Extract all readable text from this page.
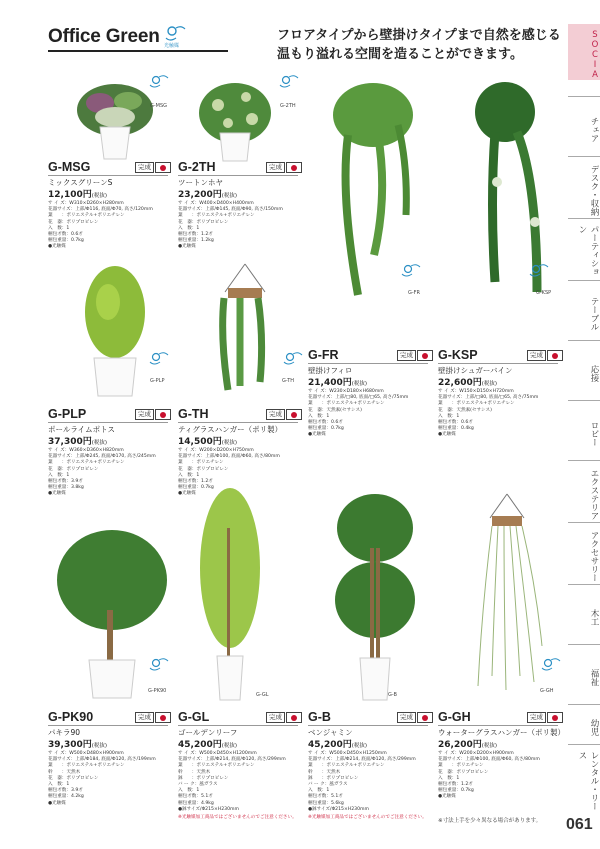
Office Green 光触媒
フロアタイプから壁掛けタイプまで自然を感じる温もり溢れる空間を造ることができます。	SOCIA
チェア
デスク・収納
パーティション
テーブル
応接
ロビー
エクステリア
アクセサリー
木工
福祉
幼児
レンタル・リース
G-MSG	G-2TH
G-FR	G-KSP
G-PLP	G-TH
G-PK90
G-GL	G-B
G-GH
G-MSG	完成
ミックスグリーンS
12,100円(税抜)
サ イ ズ：W310×D260×H280mm
花器サイズ：上部/Φ116, 底面/Φ70, 高さ/120mm
葉　　：ポリエステル+ポリエチレン
花　器：ポリプロピレン
入　数：1
梱包才数：0.6才
梱包重量：0.7kg
●光触媒
G-2TH	完成
ツートンホヤ
23,200円(税抜)
サ イ ズ：W400×D400×H400mm
花器サイズ：上部/Φ145, 底面/Φ90, 高さ/150mm
葉　　：ポリエステル+ポリエチレン
花　器：ポリプロピレン
入　数：1
梱包才数：1.2才
梱包重量：1.2kg
●光触媒
G-FR	完成
壁掛けフィロ
21,400円(税抜)
サ イ ズ：W230×D180×H680mm
花器サイズ：上部/□80, 底面/□65, 高さ/75mm
葉　　：ポリエステル+ポリエチレン
花　器：天然素(セサシス)
入　数：1
梱包才数：0.6才
梱包重量：0.7kg
●光触媒
G-KSP	完成
壁掛けシュガーバイン
22,600円(税抜)
サ イ ズ：W150×D150×H720mm
花器サイズ：上部/□80, 底面/□65, 高さ/75mm
葉　　：ポリエステル+ポリエチレン
花　器：天然素(セサシス)
入　数：1
梱包才数：0.6才
梱包重量：0.4kg
●光触媒
G-PLP	完成
ポールライムポトス
37,300円(税抜)
サ イ ズ：W360×D360×H820mm
花器サイズ：上部/Φ245, 底面/Φ170, 高さ/245mm
葉　　：ポリエステル+ポリエチレン
花　器：ポリプロピレン
入　数：1
梱包才数：3.9才
梱包重量：3.8kg
●光触媒
G-TH	完成
ティグラスハンガー（ポリ製）
14,500円(税抜)
サ イ ズ：W200×D200×H750mm
花器サイズ：上部/Φ100, 底面/Φ60, 高さ/80mm
葉　　：ポリエチレン
花　器：ポリプロピレン
入　数：1
梱包才数：1.2才
梱包重量：0.7kg
●光触媒
G-PK90	完成
パキラ90
39,300円(税抜)
サ イ ズ：W500×D480×H900mm
花器サイズ：上部/Φ184, 底面/Φ120, 高さ/199mm
葉　　：ポリエステル+ポリエチレン
幹　　：天然木
花　器：ポリプロピレン
入　数：1
梱包才数：3.9才
梱包重量：4.2kg
●光触媒
G-GL	完成
ゴールデンリーフ
45,200円(税抜)
サ イ ズ：W500×D450×H1200mm
花器サイズ：上部/Φ214, 底面/Φ120, 高さ/299mm
葉　　：ポリエステル+ポリエチレン
幹　　：天然木
鉢　　：ポリプロピレン
バ ー ク：風ガラス
入　数：1
梱包才数：5.1才
梱包重量：4.9kg
●鉢サイズ/Φ215×H230mm
※光触媒加工商品ではございませんのでご注意ください。
G-B	完成
ベンジャミン
45,200円(税抜)
サ イ ズ：W500×D450×H1250mm
花器サイズ：上部/Φ214, 底面/Φ120, 高さ/299mm
葉　　：ポリエステル+ポリエチレン
幹　　：天然木
鉢　　：ポリプロピレン
バ ー ク：風ガラス
入　数：1
梱包才数：5.1才
梱包重量：5.6kg
●鉢サイズ/Φ215×H230mm
※光触媒加工商品ではございませんのでご注意ください。
G-GH	完成
ウォーターグラスハンガー（ポリ製）
26,200円(税抜)
サ イ ズ：W200×D200×H900mm
花器サイズ：上部/Φ100, 底面/Φ60, 高さ/80mm
葉　　：ポリエチレン
花　器：ポリプロピレン
入　数：1
梱包才数：1.2才
梱包重量：0.7kg
●光触媒
※寸法上手を少々異なる場合があります。 061
